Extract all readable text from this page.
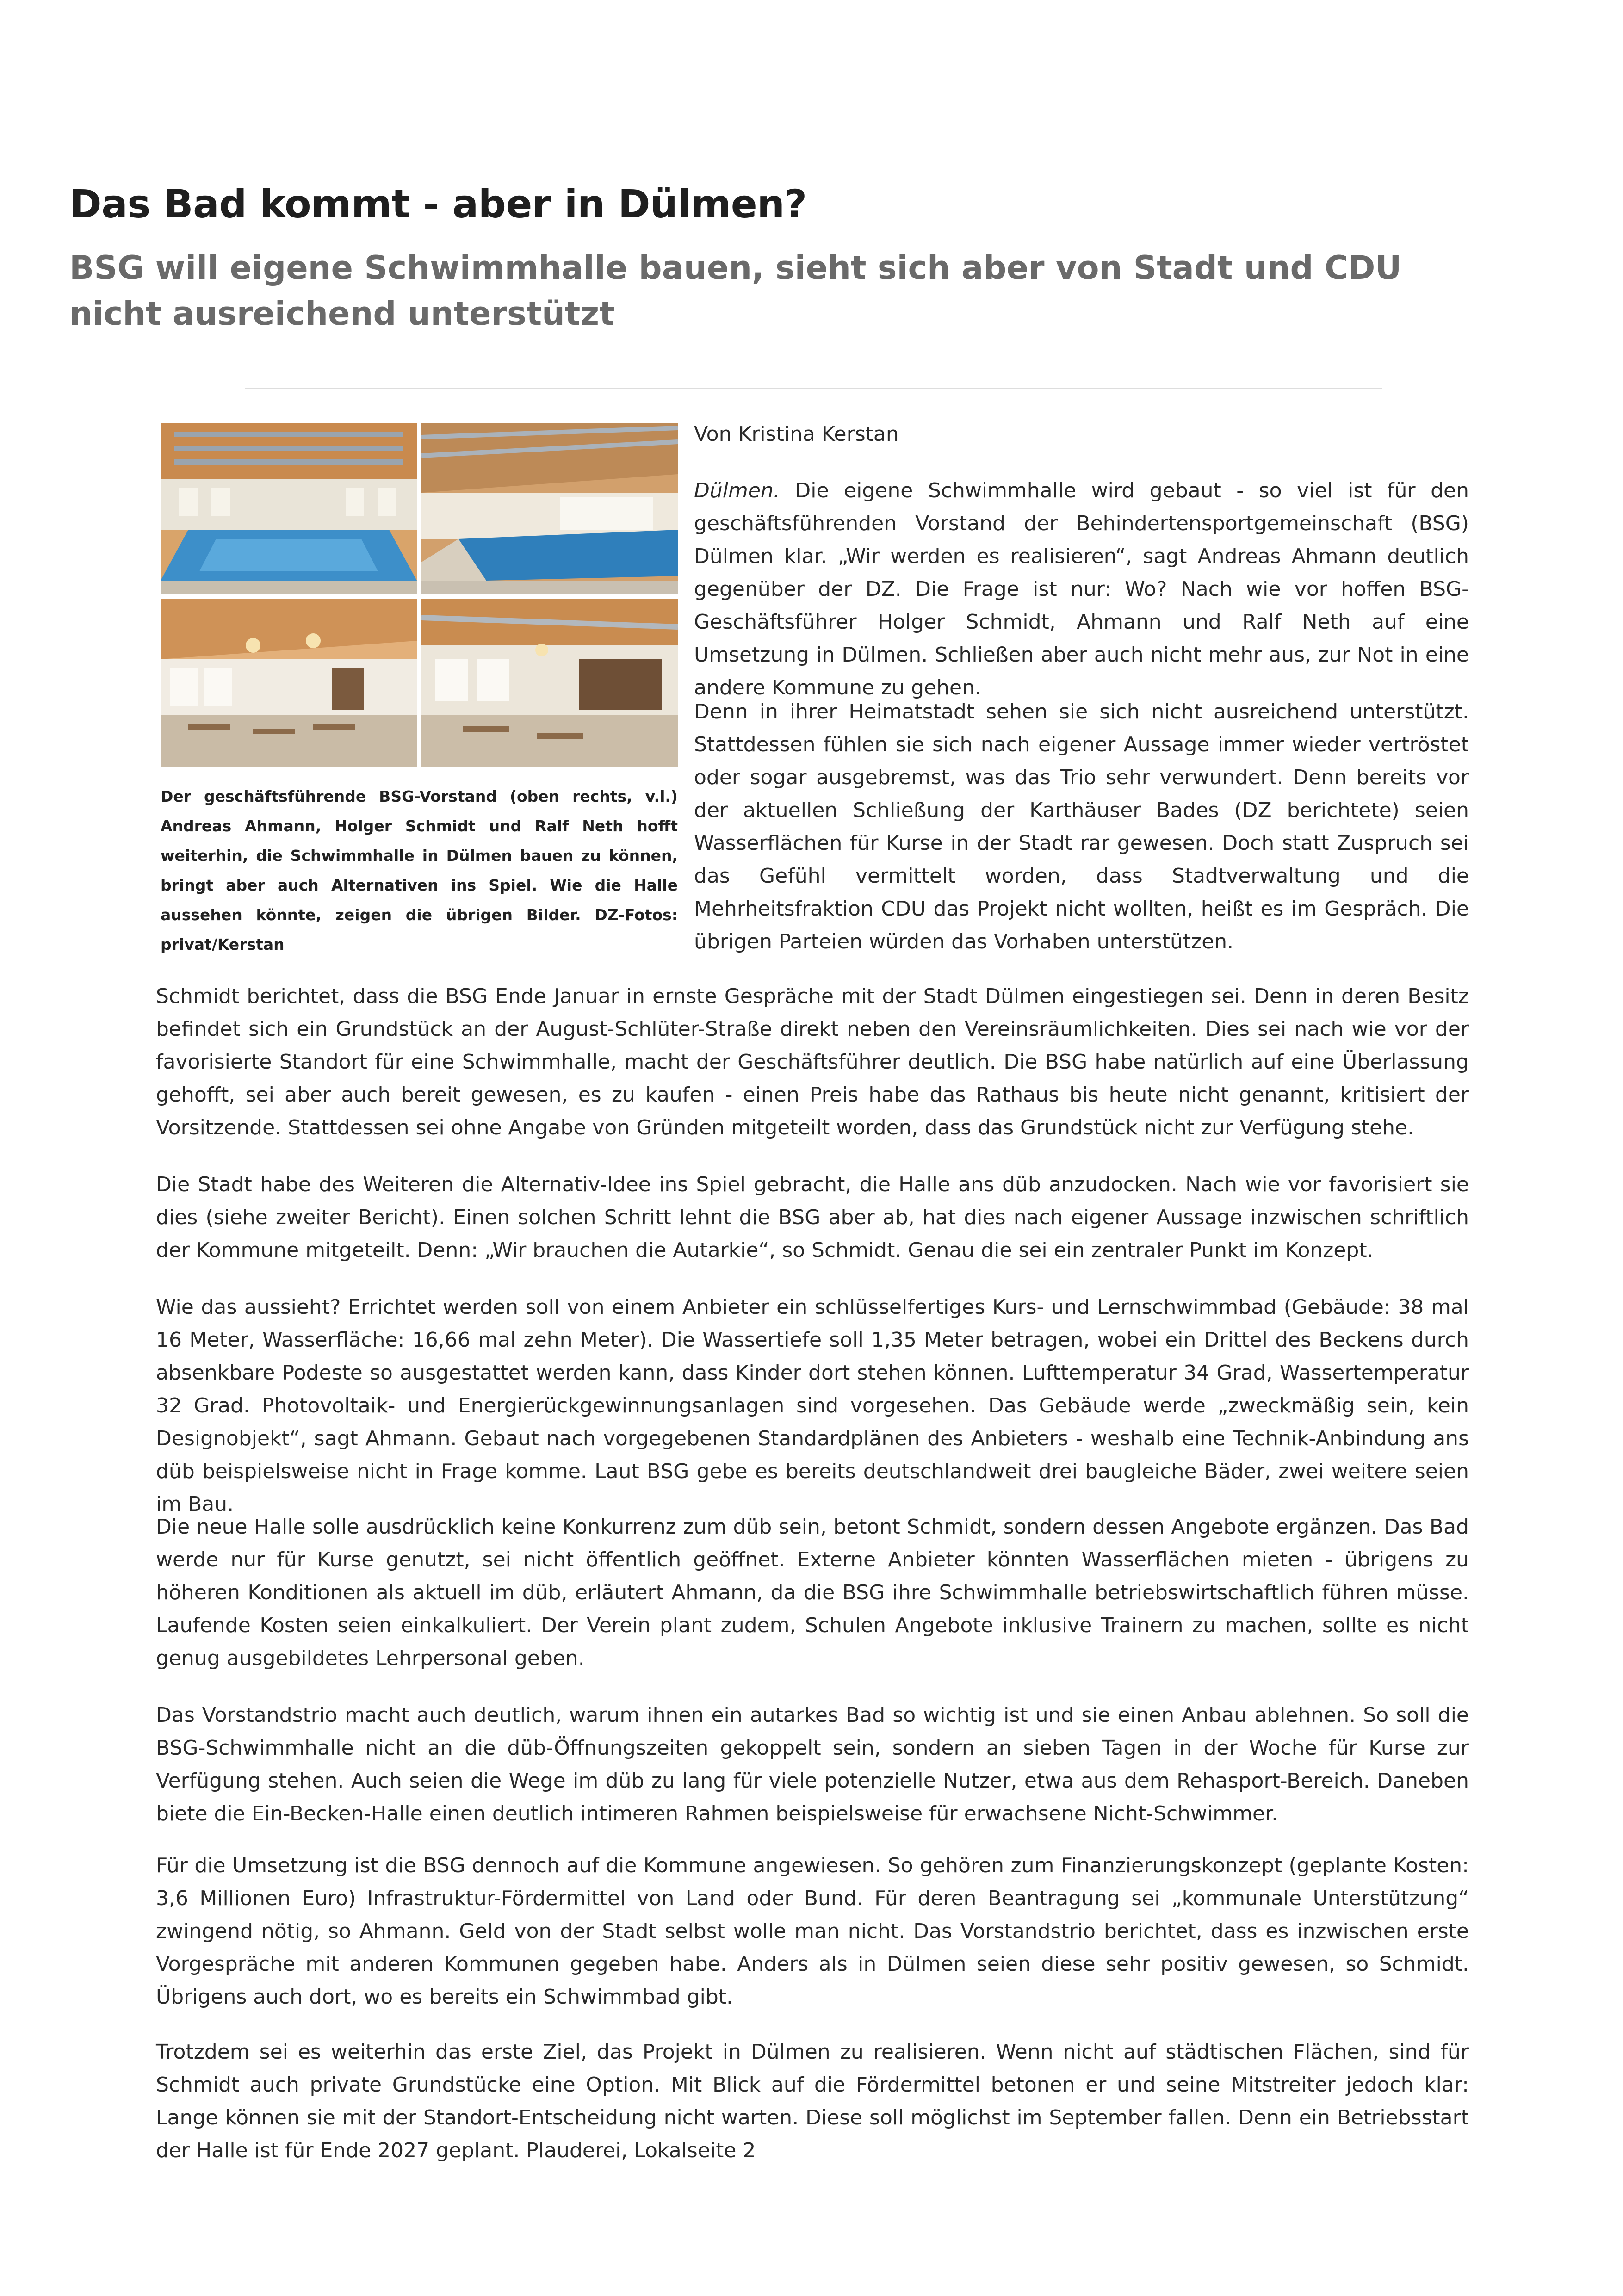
Das Bad kommt - aber in Dülmen?
BSG will eigene Schwimmhalle bauen, sieht sich aber von Stadt und CDU nicht ausreichend unterstützt

Der geschäftsführende BSG-Vorstand (oben rechts, v.l.) Andreas Ahmann, Holger Schmidt und Ralf Neth hofft weiterhin, die Schwimmhalle in Dülmen bauen zu können, bringt aber auch Alternativen ins Spiel. Wie die Halle aussehen könnte, zeigen die übrigen Bilder. DZ-Fotos: privat/Kerstan

Von Kristina Kerstan

Dülmen. Die eigene Schwimmhalle wird gebaut - so viel ist für den geschäftsführenden Vorstand der Behindertensportgemeinschaft (BSG) Dülmen klar. „Wir werden es realisieren“, sagt Andreas Ahmann deutlich gegenüber der DZ. Die Frage ist nur: Wo? Nach wie vor hoffen BSG-Geschäftsführer Holger Schmidt, Ahmann und Ralf Neth auf eine Umsetzung in Dülmen. Schließen aber auch nicht mehr aus, zur Not in eine andere Kommune zu gehen.

Denn in ihrer Heimatstadt sehen sie sich nicht ausreichend unterstützt. Stattdessen fühlen sie sich nach eigener Aussage immer wieder vertröstet oder sogar ausgebremst, was das Trio sehr verwundert. Denn bereits vor der aktuellen Schließung der Karthäuser Bades (DZ berichtete) seien Wasserflächen für Kurse in der Stadt rar gewesen. Doch statt Zuspruch sei das Gefühl vermittelt worden, dass Stadtverwaltung und die Mehrheitsfraktion CDU das Projekt nicht wollten, heißt es im Gespräch. Die übrigen Parteien würden das Vorhaben unterstützen.

Schmidt berichtet, dass die BSG Ende Januar in ernste Gespräche mit der Stadt Dülmen eingestiegen sei. Denn in deren Besitz befindet sich ein Grundstück an der August-Schlüter-Straße direkt neben den Vereinsräumlichkeiten. Dies sei nach wie vor der favorisierte Standort für eine Schwimmhalle, macht der Geschäftsführer deutlich. Die BSG habe natürlich auf eine Überlassung gehofft, sei aber auch bereit gewesen, es zu kaufen - einen Preis habe das Rathaus bis heute nicht genannt, kritisiert der Vorsitzende. Stattdessen sei ohne Angabe von Gründen mitgeteilt worden, dass das Grundstück nicht zur Verfügung stehe.

Die Stadt habe des Weiteren die Alternativ-Idee ins Spiel gebracht, die Halle ans düb anzudocken. Nach wie vor favorisiert sie dies (siehe zweiter Bericht). Einen solchen Schritt lehnt die BSG aber ab, hat dies nach eigener Aussage inzwischen schriftlich der Kommune mitgeteilt. Denn: „Wir brauchen die Autarkie“, so Schmidt. Genau die sei ein zentraler Punkt im Konzept.

Wie das aussieht? Errichtet werden soll von einem Anbieter ein schlüsselfertiges Kurs- und Lernschwimmbad (Gebäude: 38 mal 16 Meter, Wasserfläche: 16,66 mal zehn Meter). Die Wassertiefe soll 1,35 Meter betragen, wobei ein Drittel des Beckens durch absenkbare Podeste so ausgestattet werden kann, dass Kinder dort stehen können. Lufttemperatur 34 Grad, Wassertemperatur 32 Grad. Photovoltaik- und Energierückgewinnungsanlagen sind vorgesehen. Das Gebäude werde „zweckmäßig sein, kein Designobjekt“, sagt Ahmann. Gebaut nach vorgegebenen Standardplänen des Anbieters - weshalb eine Technik-Anbindung ans düb beispielsweise nicht in Frage komme. Laut BSG gebe es bereits deutschlandweit drei baugleiche Bäder, zwei weitere seien im Bau.

Die neue Halle solle ausdrücklich keine Konkurrenz zum düb sein, betont Schmidt, sondern dessen Angebote ergänzen. Das Bad werde nur für Kurse genutzt, sei nicht öffentlich geöffnet. Externe Anbieter könnten Wasserflächen mieten - übrigens zu höheren Konditionen als aktuell im düb, erläutert Ahmann, da die BSG ihre Schwimmhalle betriebswirtschaftlich führen müsse. Laufende Kosten seien einkalkuliert. Der Verein plant zudem, Schulen Angebote inklusive Trainern zu machen, sollte es nicht genug ausgebildetes Lehrpersonal geben.

Das Vorstandstrio macht auch deutlich, warum ihnen ein autarkes Bad so wichtig ist und sie einen Anbau ablehnen. So soll die BSG-Schwimmhalle nicht an die düb-Öffnungszeiten gekoppelt sein, sondern an sieben Tagen in der Woche für Kurse zur Verfügung stehen. Auch seien die Wege im düb zu lang für viele potenzielle Nutzer, etwa aus dem Rehasport-Bereich. Daneben biete die Ein-Becken-Halle einen deutlich intimeren Rahmen beispielsweise für erwachsene Nicht-Schwimmer.

Für die Umsetzung ist die BSG dennoch auf die Kommune angewiesen. So gehören zum Finanzierungskonzept (geplante Kosten: 3,6 Millionen Euro) Infrastruktur-Fördermittel von Land oder Bund. Für deren Beantragung sei „kommunale Unterstützung“ zwingend nötig, so Ahmann. Geld von der Stadt selbst wolle man nicht. Das Vorstandstrio berichtet, dass es inzwischen erste Vorgespräche mit anderen Kommunen gegeben habe. Anders als in Dülmen seien diese sehr positiv gewesen, so Schmidt. Übrigens auch dort, wo es bereits ein Schwimmbad gibt.

Trotzdem sei es weiterhin das erste Ziel, das Projekt in Dülmen zu realisieren. Wenn nicht auf städtischen Flächen, sind für Schmidt auch private Grundstücke eine Option. Mit Blick auf die Fördermittel betonen er und seine Mitstreiter jedoch klar: Lange können sie mit der Standort-Entscheidung nicht warten. Diese soll möglichst im September fallen. Denn ein Betriebsstart der Halle ist für Ende 2027 geplant. Plauderei, Lokalseite 2
